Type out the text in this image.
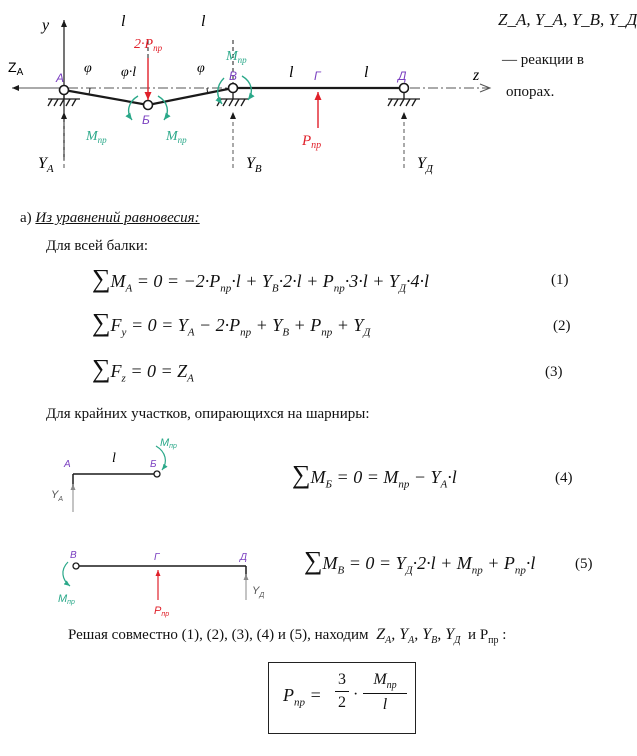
z
y
$Z_A$
l	l
l	l
φ φ·l	φ
$2\cdot P_{пр}$
$P_{пр}$
$M_{пр}$	$M_{пр}$
$M_{пр}$
A
Б
В	Г	Д
$Y_A$	$Y_В$	$Y_Д$
Z_A, Y_A, Y_В, Y_Д
— реакции в
опорах.
а) Из уравнений равновесия:
Для всей балки:
$\sum M_A = 0 = -2\cdot P_{пр}\cdot l + Y_В\cdot 2\cdot l + P_{пр}\cdot 3\cdot l + Y_Д\cdot 4\cdot l$	(1)
$\sum F_y = 0 = Y_A - 2\cdot P_{пр} + Y_В + P_{пр} + Y_Д$	(2)
$\sum F_z = 0 = Z_A$	(3)
Для крайних участков, опирающихся на шарниры:
A	Б
l
Mпр
$Y_A$
$\sum M_Б = 0 = M_{пр} - Y_A\cdot l$	(4)
В	Г	Д
Mпр
Pпр
$Y_Д$
$\sum M_В = 0 = Y_Д\cdot 2\cdot l + M_{пр} + P_{пр}\cdot l$	(5)
Решая совместно (1), (2), (3), (4) и (5), находим  $Z_A$, $Y_A$, $Y_В$, $Y_Д$  и $P_{пр}$ :
$P_{пр}$ =
3
2 ·
$M_{пр}$
l
